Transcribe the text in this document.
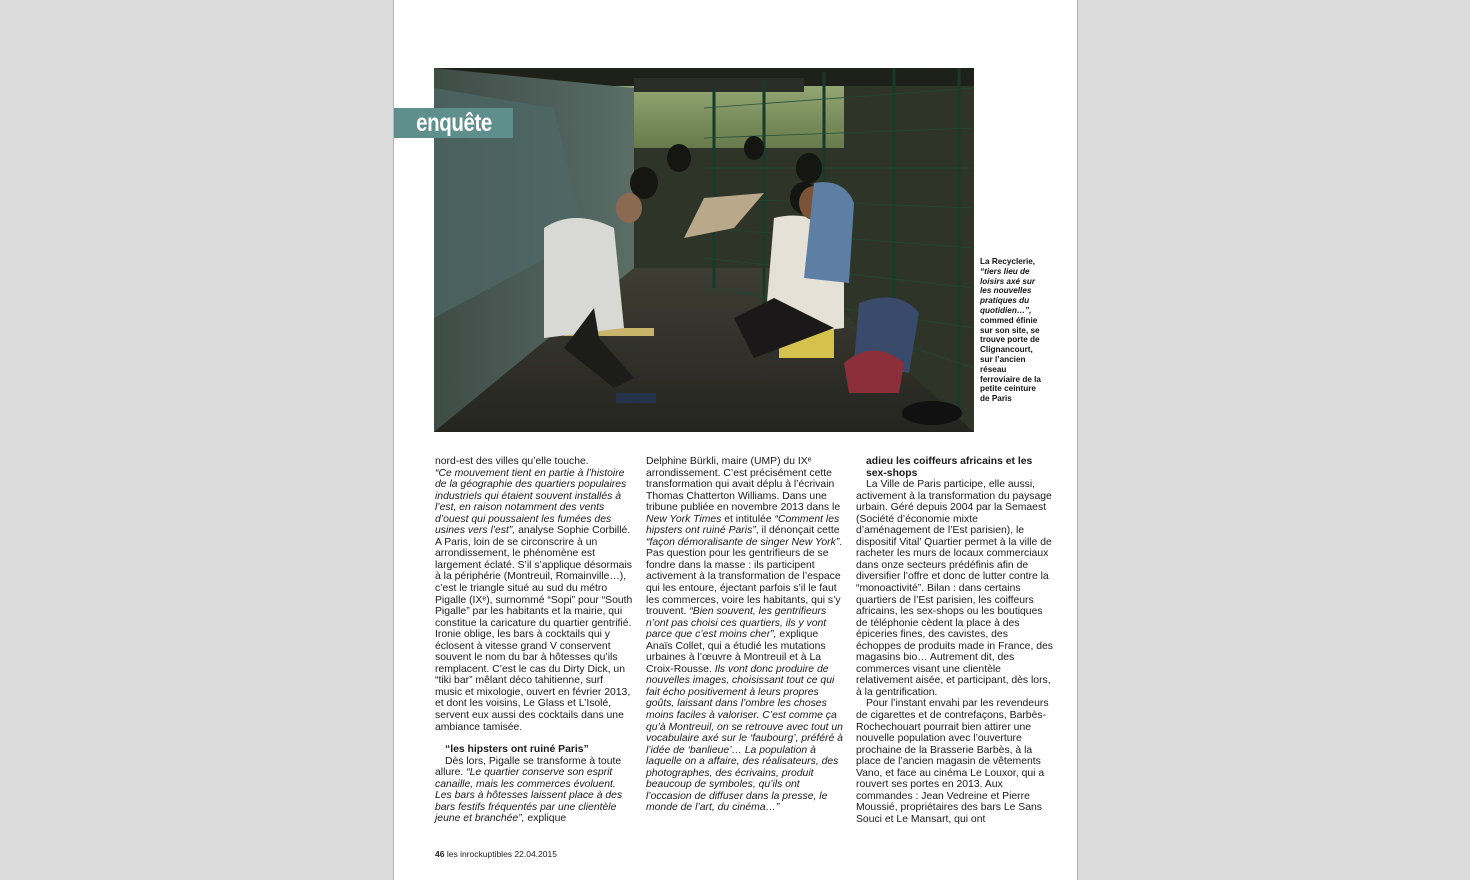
enquête
La Recyclerie, “tiers lieu de loisirs axé sur les nouvelles pratiques du quotidien…”, commed éfinie sur son site, se trouve porte de Clignancourt, sur l’ancien réseau ferroviaire de la petite ceinture de Paris

nord-est des villes qu’elle touche.
“Ce mouvement tient en partie à l’histoire de la géographie des quartiers populaires industriels qui étaient souvent installés à l’est, en raison notamment des vents d’ouest qui poussaient les fumées des usines vers l’est”, analyse Sophie Corbillé. A Paris, loin de se circonscrire à un arrondissement, le phénomène est largement éclaté. S’il s’applique désormais à la périphérie (Montreuil, Romainville…), c’est le triangle situé au sud du métro Pigalle (IXᵉ), surnommé “Sopi” pour “South Pigalle” par les habitants et la mairie, qui constitue la caricature du quartier gentrifié. Ironie oblige, les bars à cocktails qui y éclosent à vitesse grand V conservent souvent le nom du bar à hôtesses qu’ils remplacent. C’est le cas du Dirty Dick, un “tiki bar” mêlant déco tahitienne, surf music et mixologie, ouvert en février 2013, et dont les voisins, Le Glass et L’Isolé, servent eux aussi des cocktails dans une ambiance tamisée.

“les hipsters ont ruiné Paris”

Dès lors, Pigalle se transforme à toute allure. “Le quartier conserve son esprit canaille, mais les commerces évoluent. Les bars à hôtesses laissent place à des bars festifs fréquentés par une clientèle jeune et branchée”, explique

Delphine Bürkli, maire (UMP) du IXᵉ arrondissement. C’est précisément cette transformation qui avait déplu à l’écrivain Thomas Chatterton Williams. Dans une tribune publiée en novembre 2013 dans le New York Times et intitulée “Comment les hipsters ont ruiné Paris”, il dénonçait cette “façon démoralisante de singer New York”.

Pas question pour les gentrifieurs de se fondre dans la masse : ils participent activement à la transformation de l’espace qui les entoure, éjectant parfois s’il le faut les commerces, voire les habitants, qui s’y trouvent. “Bien souvent, les gentrifieurs n’ont pas choisi ces quartiers, ils y vont parce que c’est moins cher”, explique Anaïs Collet, qui a étudié les mutations urbaines à l’œuvre à Montreuil et à La Croix-Rousse. Ils vont donc produire de nouvelles images, choisissant tout ce qui fait écho positivement à leurs propres goûts, laissant dans l’ombre les choses moins faciles à valoriser. C’est comme ça qu’à Montreuil, on se retrouve avec tout un vocabulaire axé sur le ‘faubourg’, préféré à l’idée de ‘banlieue’… La population à laquelle on a affaire, des réalisateurs, des photographes, des écrivains, produit beaucoup de symboles, qu’ils ont l’occasion de diffuser dans la presse, le monde de l’art, du cinéma…”

adieu les coiffeurs africains et les sex-shops

La Ville de Paris participe, elle aussi, activement à la transformation du paysage urbain. Géré depuis 2004 par la Semaest (Société d’économie mixte d’aménagement de l’Est parisien), le dispositif Vital’ Quartier permet à la ville de racheter les murs de locaux commerciaux dans onze secteurs prédéfinis afin de diversifier l’offre et donc de lutter contre la “monoactivité”. Bilan : dans certains quartiers de l’Est parisien, les coiffeurs africains, les sex-shops ou les boutiques de téléphonie cèdent la place à des épiceries fines, des cavistes, des échoppes de produits made in France, des magasins bio… Autrement dit, des commerces visant une clientèle relativement aisée, et participant, dès lors, à la gentrification.

Pour l’instant envahi par les revendeurs de cigarettes et de contrefaçons, Barbès-Rochechouart pourrait bien attirer une nouvelle population avec l’ouverture prochaine de la Brasserie Barbès, à la place de l’ancien magasin de vêtements Vano, et face au cinéma Le Louxor, qui a rouvert ses portes en 2013. Aux commandes : Jean Vedreine et Pierre Moussié, propriétaires des bars Le Sans Souci et Le Mansart, qui ont

46 les inrockuptibles 22.04.2015
